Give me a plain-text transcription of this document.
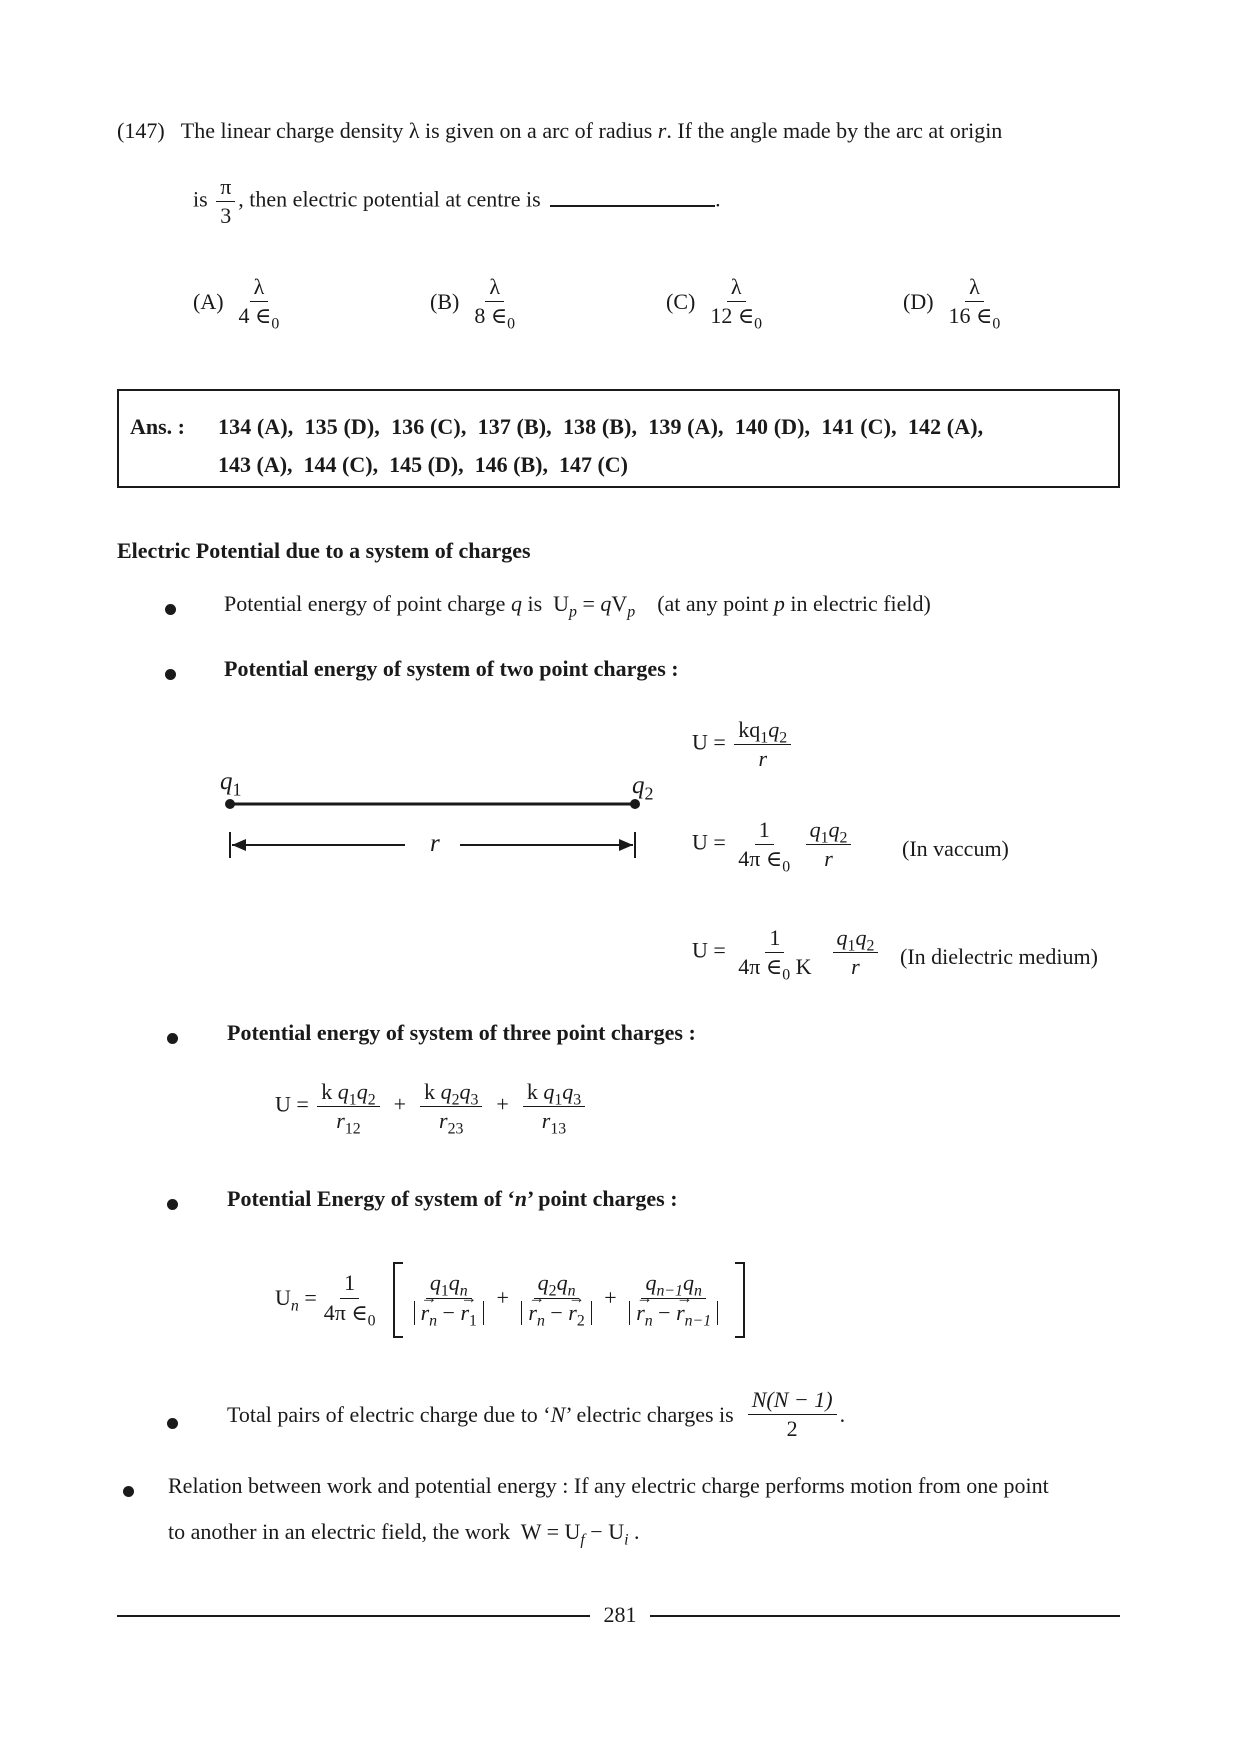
(147) The linear charge density λ is given on a arc of radius r. If the angle made by the arc at origin
is $\frac{\pi}{3}$ , then electric potential at centre is	.
$(A) \frac{\lambda}{4 \in_0}$	$(B) \frac{\lambda}{8 \in_0}$	$(C) \frac{\lambda}{12 \in_0}$	$(D) \frac{\lambda}{16 \in_0}$
Ans. : 134 (A),  135 (D),  136 (C),  137 (B),  138 (B),  139 (A),  140 (D),  141 (C),  142 (A),
143 (A),  144 (C),  145 (D),  146 (B),  147 (C)
Electric Potential due to a system of charges
Potential energy of point charge q is $U_p = qV_p$ (at any point p in electric field)
Potential energy of system of two point charges :
$q_1$	$q_2$
r
$U = \frac{kq_1q_2}{r}$
$U = \frac{1}{4\pi \in_0}$
$\frac{q_1q_2}{r} (In$ vaccum)
$U = \frac{1}{4\pi \in_0 K}$
$\frac{q_1q_2}{r} (In$ dielectric medium)
Potential energy of system of three point charges :
$U = \frac{k q_1q_2}{r_{12}} + \frac{k q_2q_3}{r_{23}} + \frac{k q_1q_3}{r_{13}}$
Potential Energy of system of ‘n’ point charges :
$U_n = \frac{1}{4\pi \in_0} q_1q_n$
→ $r_n$ − → $r_1$
+
$q_2q_n$
→ $r_n$ − → $r_2$
+
$q_{n-1}q_n$
→ $r_n$ − → $r_{n-1}$
Total pairs of electric charge due to ‘ N ’ electric charges is
$\frac{N(N - 1)}{2}$ .
Relation between work and potential energy : If any electric charge performs motion from one point
to another in an electric field, the work $W = U_f - U_i$ .
281
